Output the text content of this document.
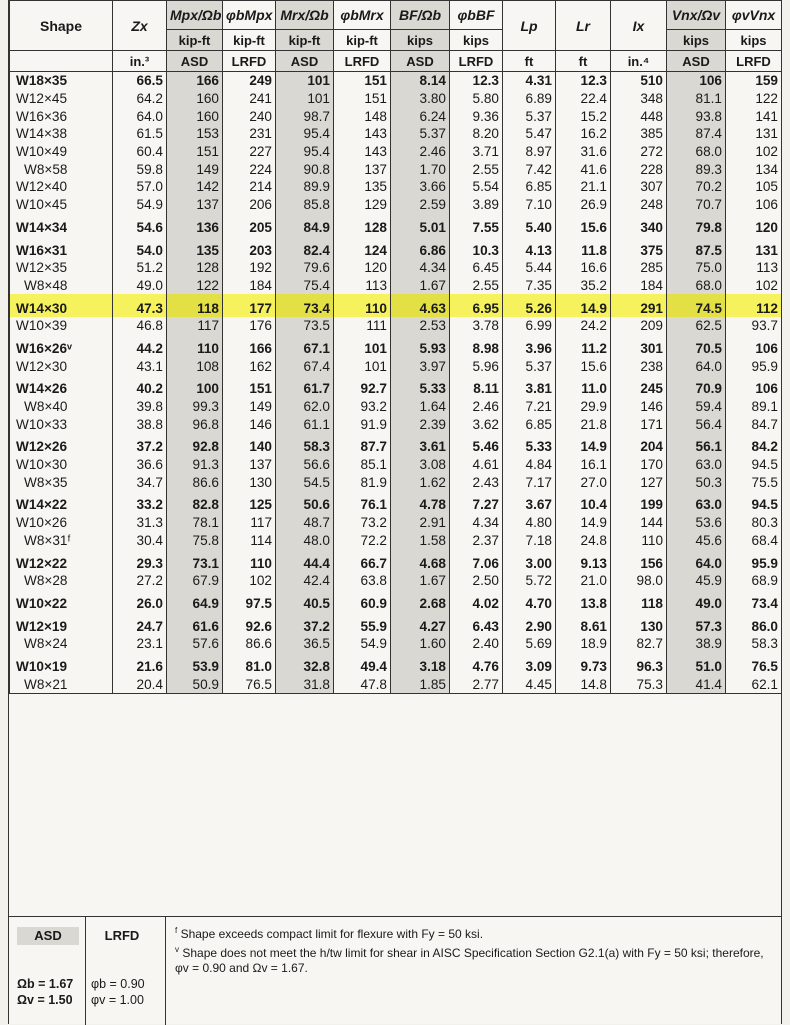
Shape	Zx	Mpx/Ωb	φbMpx	Mrx/Ωb	φbMrx	BF/Ωb	φbBF	Lp	Lr	Ix	Vnx/Ωv	φvVnx
		kip-ft	kip-ft	kip-ft	kip-ft	kips	kips				kips	kips
	in.³	ASD	LRFD	ASD	LRFD	ASD	LRFD	ft	ft	in.⁴	ASD	LRFD
W18×35	66.5	166	249	101	151	8.14	12.3	4.31	12.3	510	106	159
W12×45	64.2	160	241	101	151	3.80	5.80	6.89	22.4	348	81.1	122
W16×36	64.0	160	240	98.7	148	6.24	9.36	5.37	15.2	448	93.8	141
W14×38	61.5	153	231	95.4	143	5.37	8.20	5.47	16.2	385	87.4	131
W10×49	60.4	151	227	95.4	143	2.46	3.71	8.97	31.6	272	68.0	102
W8×58	59.8	149	224	90.8	137	1.70	2.55	7.42	41.6	228	89.3	134
W12×40	57.0	142	214	89.9	135	3.66	5.54	6.85	21.1	307	70.2	105
W10×45	54.9	137	206	85.8	129	2.59	3.89	7.10	26.9	248	70.7	106
W14×34	54.6	136	205	84.9	128	5.01	7.55	5.40	15.6	340	79.8	120
W16×31	54.0	135	203	82.4	124	6.86	10.3	4.13	11.8	375	87.5	131
W12×35	51.2	128	192	79.6	120	4.34	6.45	5.44	16.6	285	75.0	113
W8×48	49.0	122	184	75.4	113	1.67	2.55	7.35	35.2	184	68.0	102
W14×30	47.3	118	177	73.4	110	4.63	6.95	5.26	14.9	291	74.5	112
W10×39	46.8	117	176	73.5	111	2.53	3.78	6.99	24.2	209	62.5	93.7
W16×26ᵛ	44.2	110	166	67.1	101	5.93	8.98	3.96	11.2	301	70.5	106
W12×30	43.1	108	162	67.4	101	3.97	5.96	5.37	15.6	238	64.0	95.9
W14×26	40.2	100	151	61.7	92.7	5.33	8.11	3.81	11.0	245	70.9	106
W8×40	39.8	99.3	149	62.0	93.2	1.64	2.46	7.21	29.9	146	59.4	89.1
W10×33	38.8	96.8	146	61.1	91.9	2.39	3.62	6.85	21.8	171	56.4	84.7
W12×26	37.2	92.8	140	58.3	87.7	3.61	5.46	5.33	14.9	204	56.1	84.2
W10×30	36.6	91.3	137	56.6	85.1	3.08	4.61	4.84	16.1	170	63.0	94.5
W8×35	34.7	86.6	130	54.5	81.9	1.62	2.43	7.17	27.0	127	50.3	75.5
W14×22	33.2	82.8	125	50.6	76.1	4.78	7.27	3.67	10.4	199	63.0	94.5
W10×26	31.3	78.1	117	48.7	73.2	2.91	4.34	4.80	14.9	144	53.6	80.3
W8×31ᶠ	30.4	75.8	114	48.0	72.2	1.58	2.37	7.18	24.8	110	45.6	68.4
W12×22	29.3	73.1	110	44.4	66.7	4.68	7.06	3.00	9.13	156	64.0	95.9
W8×28	27.2	67.9	102	42.4	63.8	1.67	2.50	5.72	21.0	98.0	45.9	68.9
W10×22	26.0	64.9	97.5	40.5	60.9	2.68	4.02	4.70	13.8	118	49.0	73.4
W12×19	24.7	61.6	92.6	37.2	55.9	4.27	6.43	2.90	8.61	130	57.3	86.0
W8×24	23.1	57.6	86.6	36.5	54.9	1.60	2.40	5.69	18.9	82.7	38.9	58.3
W10×19	21.6	53.9	81.0	32.8	49.4	3.18	4.76	3.09	9.73	96.3	51.0	76.5
W8×21	20.4	50.9	76.5	31.8	47.8	1.85	2.77	4.45	14.8	75.3	41.4	62.1
ASD	LRFD
Ωb = 1.67
Ωv = 1.50
φb = 0.90
φv = 1.00
$^f$ Shape exceeds compact limit for flexure with Fy = 50 ksi.
$^v$ Shape does not meet the h/tw limit for shear in AISC Specification Section G2.1(a) with Fy = 50 ksi; therefore, φv = 0.90 and Ωv = 1.67.
